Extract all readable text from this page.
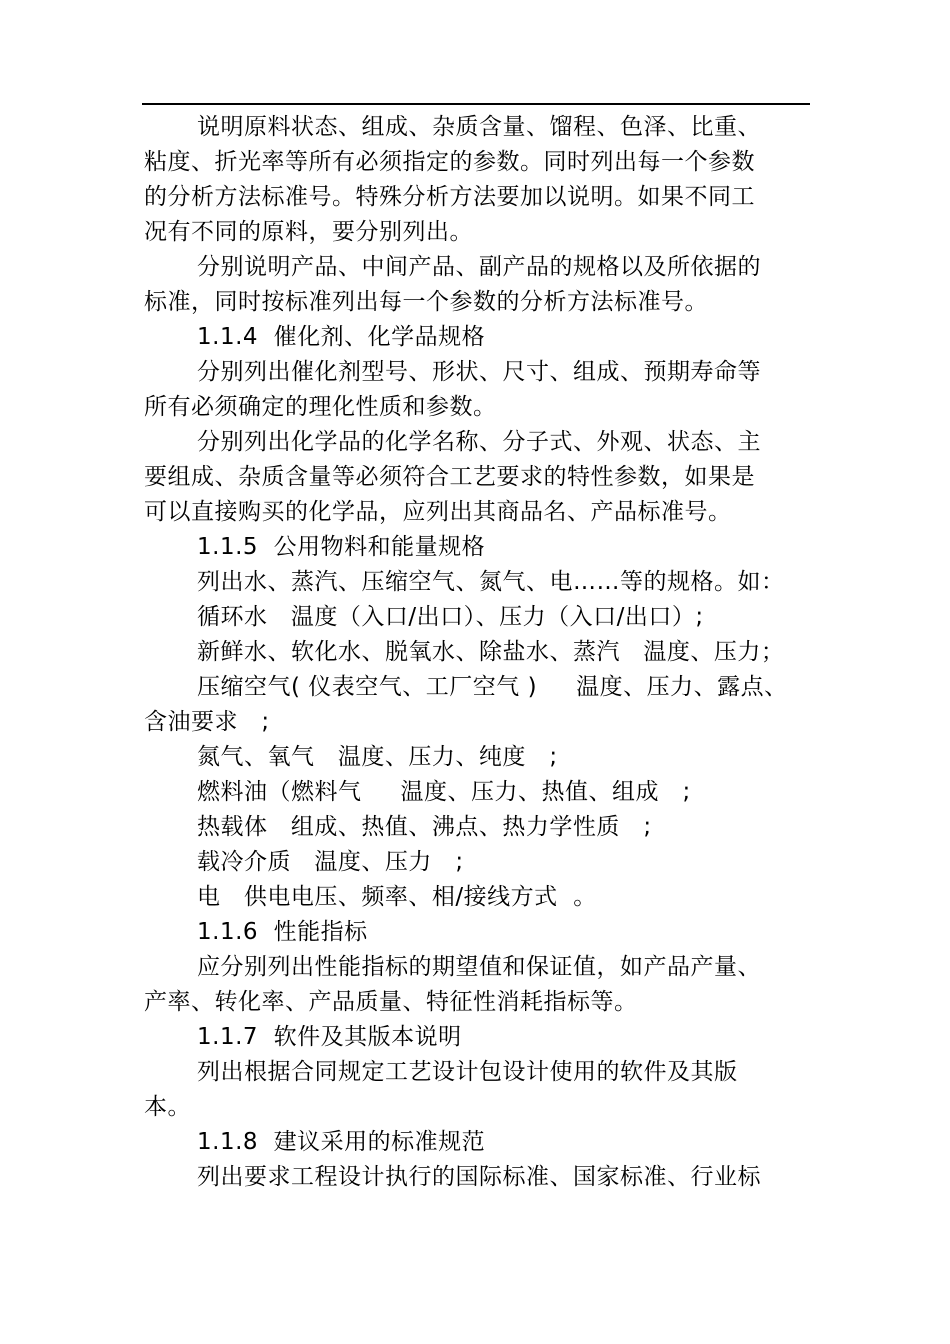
说明原料状态、组成、杂质含量、馏程、色泽、比重、
粘度、折光率等所有必须指定的参数。同时列出每一个参数
的分析方法标准号。特殊分析方法要加以说明。如果不同工
况有不同的原料，要分别列出。
分别说明产品、中间产品、副产品的规格以及所依据的
标准，同时按标准列出每一个参数的分析方法标准号。
1.1.4  催化剂、化学品规格
分别列出催化剂型号、形状、尺寸、组成、预期寿命等
所有必须确定的理化性质和参数。
分别列出化学品的化学名称、分子式、外观、状态、主
要组成、杂质含量等必须符合工艺要求的特性参数，如果是
可以直接购买的化学品，应列出其商品名、产品标准号。
1.1.5  公用物料和能量规格
列出水、蒸汽、压缩空气、氮气、电……等的规格。如：
循环水   温度（入口/出口）、压力（入口/出口）;
新鲜水、软化水、脱氧水、除盐水、蒸汽   温度、压力；
压缩空气( 仪表空气、工厂空气 )     温度、压力、露点、
含油要求   ;
氮气、氧气   温度、压力、纯度   ;
燃料油（燃料气     温度、压力、热值、组成   ;
热载体   组成、热值、沸点、热力学性质   ;
载冷介质   温度、压力   ;
电   供电电压、频率、相/接线方式  。
1.1.6  性能指标
应分别列出性能指标的期望值和保证值，如产品产量、
产率、转化率、产品质量、特征性消耗指标等。
1.1.7  软件及其版本说明
列出根据合同规定工艺设计包设计使用的软件及其版
本。
1.1.8  建议采用的标准规范
列出要求工程设计执行的国际标准、国家标准、行业标
